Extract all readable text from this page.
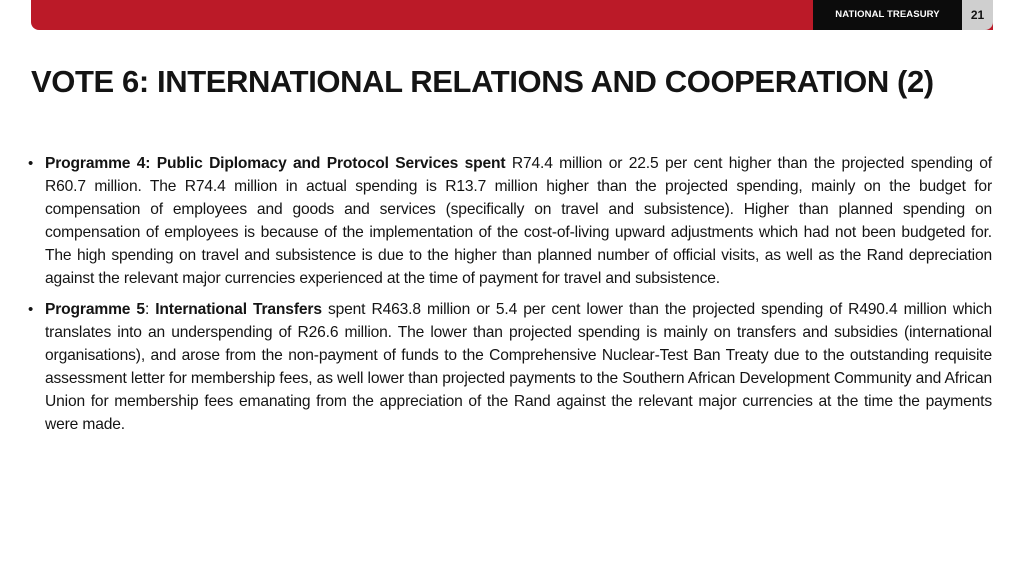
NATIONAL TREASURY	21
VOTE 6: INTERNATIONAL RELATIONS AND COOPERATION (2)
• Programme 4: Public Diplomacy and Protocol Services spent R74.4 million or 22.5 per cent higher than the projected spending of R60.7 million. The R74.4 million in actual spending is R13.7 million higher than the projected spending, mainly on the budget for compensation of employees and goods and services (specifically on travel and subsistence). Higher than planned spending on compensation of employees is because of the implementation of the cost-of-living upward adjustments which had not been budgeted for. The high spending on travel and subsistence is due to the higher than planned number of official visits, as well as the Rand depreciation against the relevant major currencies experienced at the time of payment for travel and subsistence.
• Programme 5: International Transfers spent R463.8 million or 5.4 per cent lower than the projected spending of R490.4 million which translates into an underspending of R26.6 million. The lower than projected spending is mainly on transfers and subsidies (international organisations), and arose from the non-payment of funds to the Comprehensive Nuclear-Test Ban Treaty due to the outstanding requisite assessment letter for membership fees, as well lower than projected payments to the Southern African Development Community and African Union for membership fees emanating from the appreciation of the Rand against the relevant major currencies at the time the payments were made.
